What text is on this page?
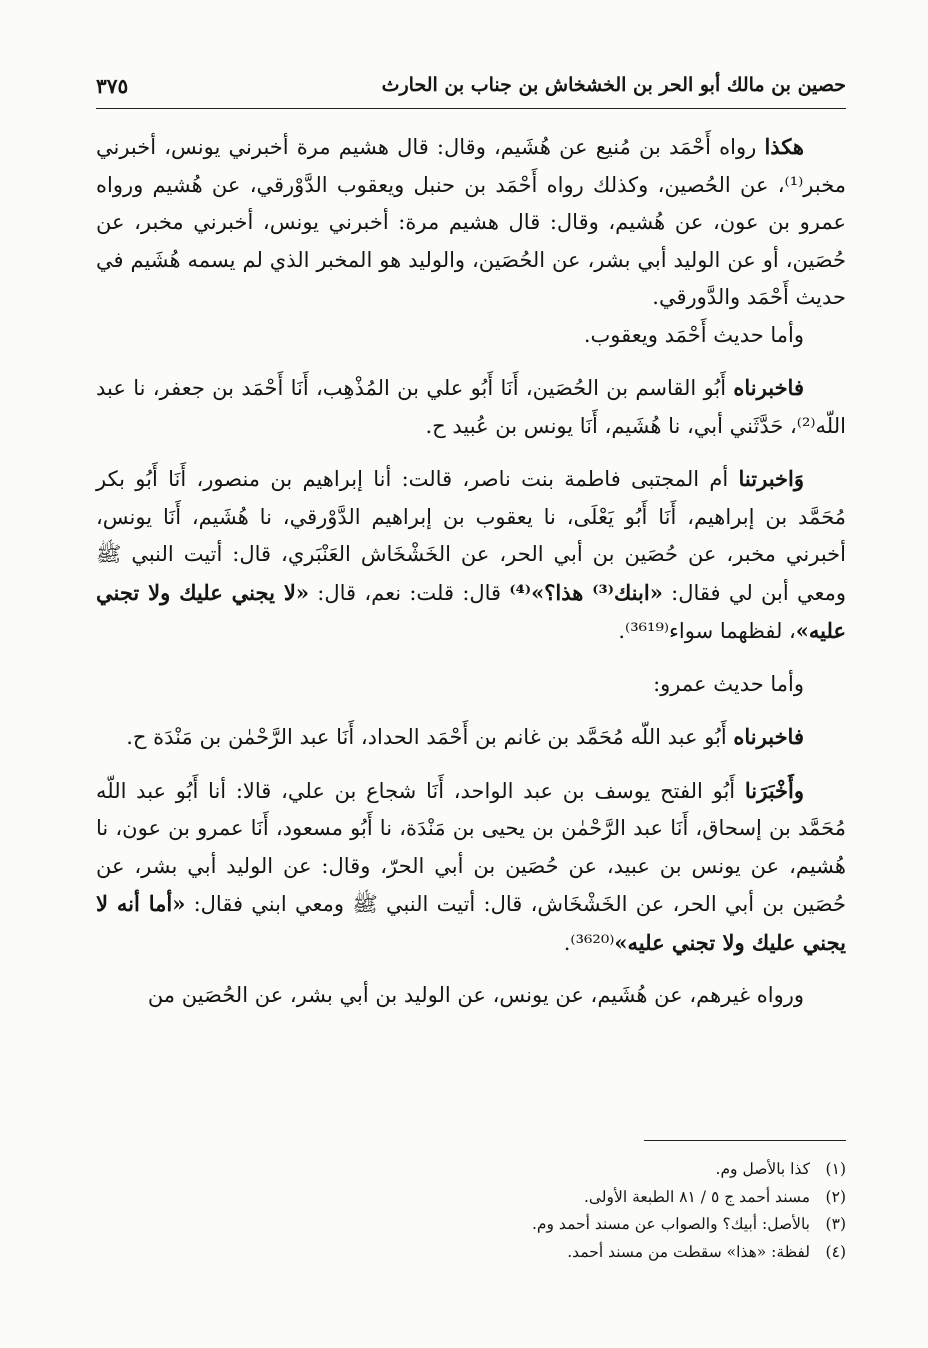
حصين بن مالك أبو الحر بن الخشخاش بن جناب بن الحارث
٣٧٥

هكذا رواه أَحْمَد بن مُنيع عن هُشَيم، وقال: قال هشيم مرة أخبرني يونس، أخبرني مخبر⁽¹⁾، عن الحُصين، وكذلك رواه أَحْمَد بن حنبل ويعقوب الدَّوْرقي، عن هُشيم ورواه عمرو بن عون، عن هُشيم، وقال: قال هشيم مرة: أخبرني يونس، أخبرني مخبر، عن حُصَين، أو عن الوليد أبي بشر، عن الحُصَين، والوليد هو المخبر الذي لم يسمه هُشَيم في حديث أَحْمَد والدَّورقي.

وأما حديث أَحْمَد ويعقوب.

فاخبرناه أَبُو القاسم بن الحُصَين، أَنَا أَبُو علي بن المُذْهِب، أَنَا أَحْمَد بن جعفر، نا عبد اللّه⁽²⁾، حَدَّثَني أبي، نا هُشَيم، أَنَا يونس بن عُبيد ح.

وَاخبرتنا أم المجتبى فاطمة بنت ناصر، قالت: أنا إبراهيم بن منصور، أَنَا أَبُو بكر مُحَمَّد بن إبراهيم، أَنَا أَبُو يَعْلَى، نا يعقوب بن إبراهيم الدَّوْرقي، نا هُشَيم، أَنَا يونس، أخبرني مخبر، عن حُصَين بن أبي الحر، عن الخَشْخَاش العَنْبَري، قال: أتيت النبي ﷺ ومعي أبن لي فقال: «ابنك⁽³⁾ هذا؟»⁽⁴⁾ قال: قلت: نعم، قال: «لا يجني عليك ولا تجني عليه»، لفظهما سواء⁽³⁶¹⁹⁾.

وأما حديث عمرو:

فاخبرناه أَبُو عبد اللّه مُحَمَّد بن غانم بن أَحْمَد الحداد، أَنَا عبد الرَّحْمٰن بن مَنْدَة ح.

وأَخْبَرَنا أَبُو الفتح يوسف بن عبد الواحد، أَنَا شجاع بن علي، قالا: أنا أَبُو عبد اللّه مُحَمَّد بن إسحاق، أَنَا عبد الرَّحْمٰن بن يحيى بن مَنْدَة، نا أَبُو مسعود، أَنَا عمرو بن عون، نا هُشيم، عن يونس بن عبيد، عن حُصَين بن أبي الحرّ، وقال: عن الوليد أبي بشر، عن حُصَين بن أبي الحر، عن الخَشْخَاش، قال: أتيت النبي ﷺ ومعي ابني فقال: «أما أنه لا يجني عليك ولا تجني عليه»⁽³⁶²⁰⁾.

ورواه غيرهم، عن هُشَيم، عن يونس، عن الوليد بن أبي بشر، عن الحُصَين من

(١)كذا بالأصل وم.
(٢)مسند أحمد ج ٥ / ٨١ الطبعة الأولى.
(٣)بالأصل: أبيك؟ والصواب عن مسند أحمد وم.
(٤)لفظة: «هذا» سقطت من مسند أحمد.
